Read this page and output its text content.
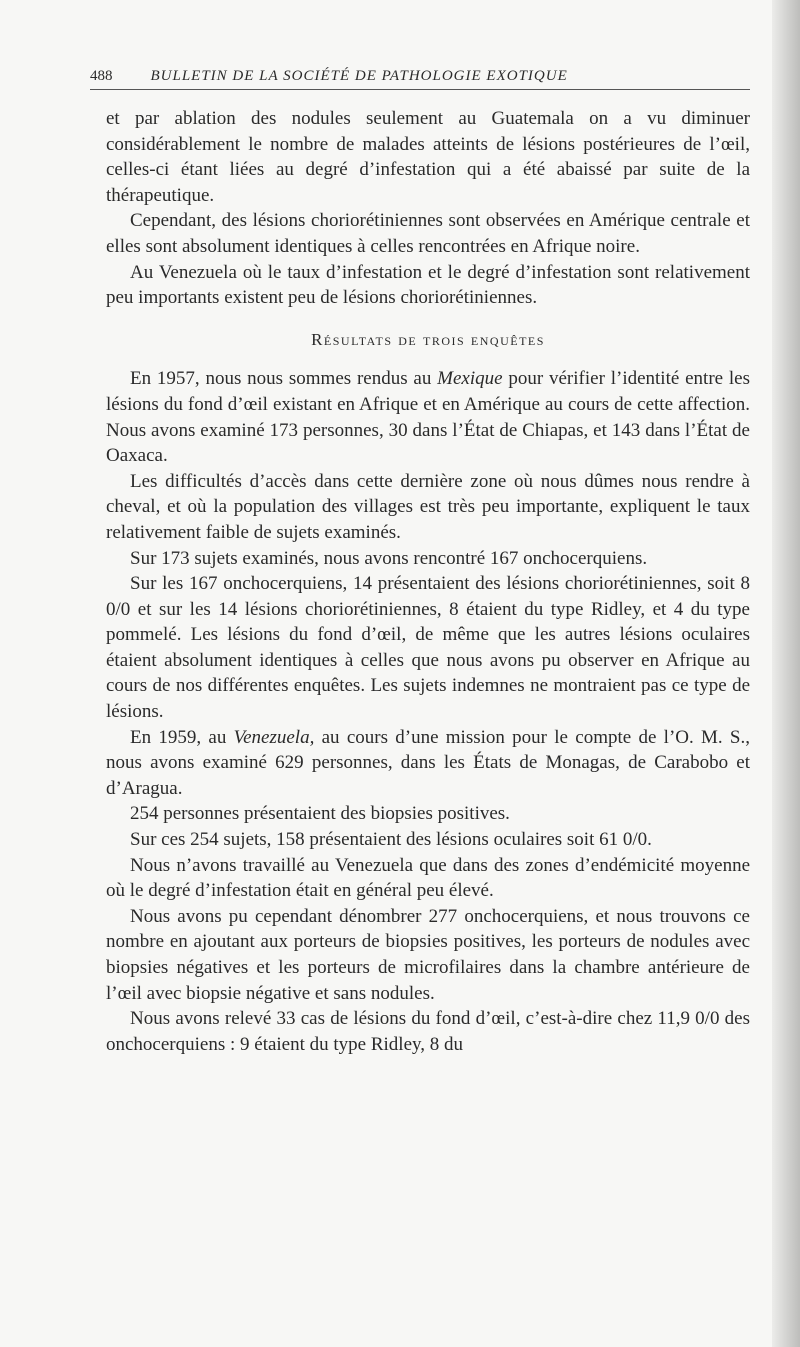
488	BULLETIN DE LA SOCIÉTÉ DE PATHOLOGIE EXOTIQUE

et par ablation des nodules seulement au Guatemala on a vu diminuer considérablement le nombre de malades atteints de lésions postérieures de l’œil, celles-ci étant liées au degré d’infestation qui a été abaissé par suite de la thérapeutique.

Cependant, des lésions choriorétiniennes sont observées en Amérique centrale et elles sont absolument identiques à celles rencontrées en Afrique noire.

Au Venezuela où le taux d’infestation et le degré d’infestation sont relativement peu importants existent peu de lésions choriorétiniennes.

Résultats de trois enquêtes

En 1957, nous nous sommes rendus au Mexique pour vérifier l’identité entre les lésions du fond d’œil existant en Afrique et en Amérique au cours de cette affection. Nous avons examiné 173 personnes, 30 dans l’État de Chiapas, et 143 dans l’État de Oaxaca.

Les difficultés d’accès dans cette dernière zone où nous dûmes nous rendre à cheval, et où la population des villages est très peu importante, expliquent le taux relativement faible de sujets examinés.

Sur 173 sujets examinés, nous avons rencontré 167 onchocerquiens.

Sur les 167 onchocerquiens, 14 présentaient des lésions choriorétiniennes, soit 8 0/0 et sur les 14 lésions choriorétiniennes, 8 étaient du type Ridley, et 4 du type pommelé. Les lésions du fond d’œil, de même que les autres lésions oculaires étaient absolument identiques à celles que nous avons pu observer en Afrique au cours de nos différentes enquêtes. Les sujets indemnes ne montraient pas ce type de lésions.

En 1959, au Venezuela, au cours d’une mission pour le compte de l’O. M. S., nous avons examiné 629 personnes, dans les États de Monagas, de Carabobo et d’Aragua.

254 personnes présentaient des biopsies positives.

Sur ces 254 sujets, 158 présentaient des lésions oculaires soit 61 0/0.

Nous n’avons travaillé au Venezuela que dans des zones d’endémicité moyenne où le degré d’infestation était en général peu élevé.

Nous avons pu cependant dénombrer 277 onchocerquiens, et nous trouvons ce nombre en ajoutant aux porteurs de biopsies positives, les porteurs de nodules avec biopsies négatives et les porteurs de microfilaires dans la chambre antérieure de l’œil avec biopsie négative et sans nodules.

Nous avons relevé 33 cas de lésions du fond d’œil, c’est-à-dire chez 11,9 0/0 des onchocerquiens : 9 étaient du type Ridley, 8 du
